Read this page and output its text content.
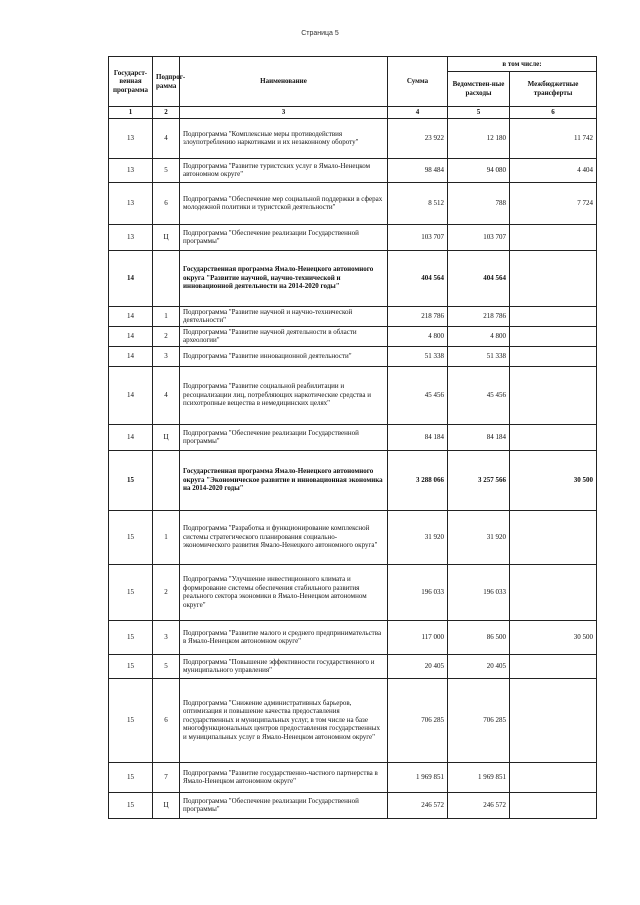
Страница 5
Государст-венная программа	Подпрог-рамма	Наименование	Сумма	в том числе:	
				Ведомствен-ные расходы	Межбюджетные трансферты
1	2	3	4	5	6
13	4	Подпрограмма "Комплексные меры противодействия злоупотреблению наркотиками и их незаконному обороту"	23 922	12 180	11 742
13	5	Подпрограмма "Развитие туристских услуг в Ямало-Ненецком автономном округе"	98 484	94 080	4 404
13	6	Подпрограмма "Обеспечение мер социальной поддержки в сферах молодежной политики и туристской деятельности"	8 512	788	7 724
13	Ц	Подпрограмма "Обеспечение реализации Государственной программы"	103 707	103 707	
14		Государственная программа Ямало-Ненецкого автономного округа "Развитие научной, научно-технической и инновационной деятельности на 2014-2020 годы"	404 564	404 564	
14	1	Подпрограмма "Развитие научной и научно-технической деятельности"	218 786	218 786	
14	2	Подпрограмма "Развитие научной деятельности в области археологии"	4 800	4 800	
14	3	Подпрограмма "Развитие инновационной деятельности"	51 338	51 338	
14	4	Подпрограмма "Развитие социальной реабилитации и ресоциализации лиц, потребляющих наркотические средства и психотропные вещества в немедицинских целях"	45 456	45 456	
14	Ц	Подпрограмма "Обеспечение реализации Государственной программы"	84 184	84 184	
15		Государственная программа Ямало-Ненецкого автономного округа "Экономическое развитие и инновационная экономика на 2014-2020 годы"	3 288 066	3 257 566	30 500
15	1	Подпрограмма "Разработка и функционирование комплексной системы стратегического планирования социально-экономического развития Ямало-Ненецкого автономного округа"	31 920	31 920	
15	2	Подпрограмма "Улучшение инвестиционного климата и формирование системы обеспечения стабильного развития реального сектора экономики в Ямало-Ненецком автономном округе"	196 033	196 033	
15	3	Подпрограмма "Развитие малого и среднего предпринимательства в Ямало-Ненецком автономном округе"	117 000	86 500	30 500
15	5	Подпрограмма "Повышение эффективности государственного и муниципального управления"	20 405	20 405	
15	6	Подпрограмма "Снижение административных барьеров, оптимизация и повышение качества предоставления государственных и муниципальных услуг, в том числе на базе многофункциональных центров предоставления государственных и муниципальных услуг в Ямало-Ненецком автономном округе"	706 285	706 285	
15	7	Подпрограмма "Развитие государственно-частного партнерства в Ямало-Ненецком автономном округе"	1 969 851	1 969 851	
15	Ц	Подпрограмма "Обеспечение реализации Государственной программы"	246 572	246 572	
